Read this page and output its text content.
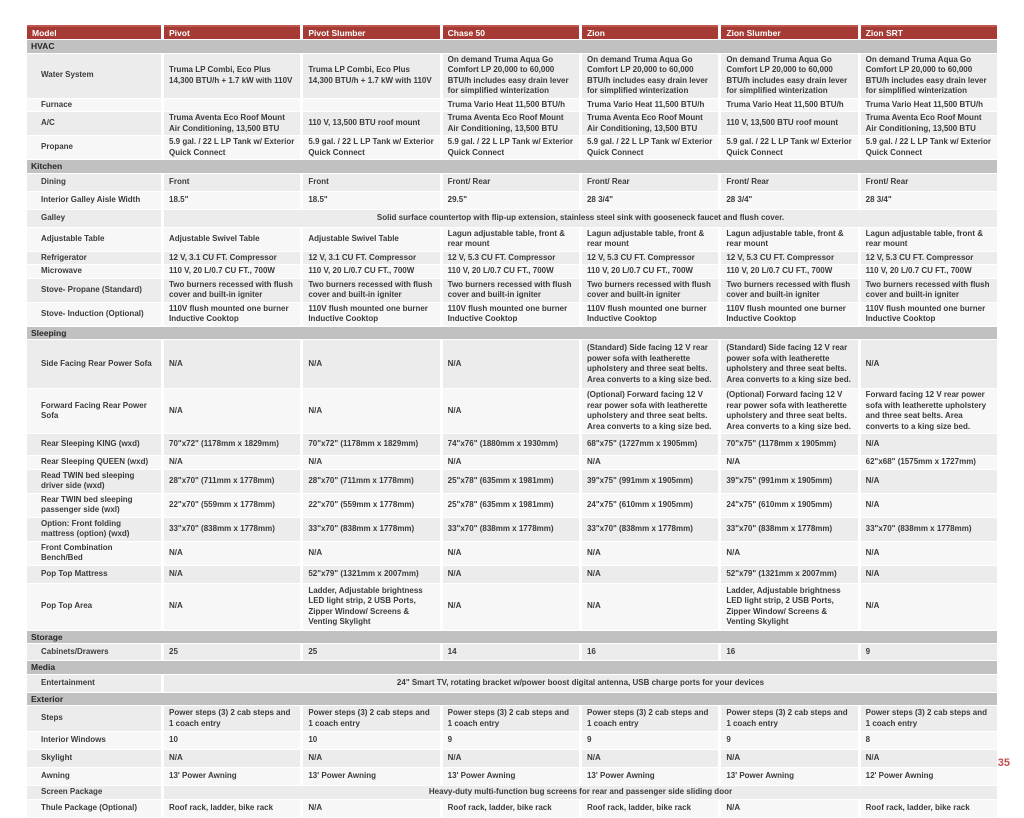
Model	Pivot	Pivot Slumber	Chase 50	Zion	Zion Slumber	Zion SRT
HVAC						
Water System	Truma LP Combi, Eco Plus 14,300 BTU/h + 1.7 kW with 110V	Truma LP Combi, Eco Plus 14,300 BTU/h + 1.7 kW with 110V	On demand Truma Aqua Go Comfort LP 20,000 to 60,000 BTU/h includes easy drain lever for simplified winterization	On demand Truma Aqua Go Comfort LP 20,000 to 60,000 BTU/h includes easy drain lever for simplified winterization	On demand Truma Aqua Go Comfort LP 20,000 to 60,000 BTU/h includes easy drain lever for simplified winterization	On demand Truma Aqua Go Comfort LP 20,000 to 60,000 BTU/h includes easy drain lever for simplified winterization
Furnace			Truma Vario Heat 11,500 BTU/h	Truma Vario Heat 11,500 BTU/h	Truma Vario Heat 11,500 BTU/h	Truma Vario Heat 11,500 BTU/h
A/C	Truma Aventa Eco Roof Mount Air Conditioning, 13,500 BTU	110 V, 13,500 BTU roof mount	Truma Aventa Eco Roof Mount Air Conditioning, 13,500 BTU	Truma Aventa Eco Roof Mount Air Conditioning, 13,500 BTU	110 V, 13,500 BTU roof mount	Truma Aventa Eco Roof Mount Air Conditioning, 13,500 BTU
Propane	5.9 gal. / 22 L LP Tank w/ Exterior Quick Connect	5.9 gal. / 22 L LP Tank w/ Exterior Quick Connect	5.9 gal. / 22 L LP Tank w/ Exterior Quick Connect	5.9 gal. / 22 L LP Tank w/ Exterior Quick Connect	5.9 gal. / 22 L LP Tank w/ Exterior Quick Connect	5.9 gal. / 22 L LP Tank w/ Exterior Quick Connect
Kitchen						
Dining	Front	Front	Front/ Rear	Front/ Rear	Front/ Rear	Front/ Rear
Interior Galley Aisle Width	18.5"	18.5"	29.5"	28 3/4"	28 3/4"	28 3/4"
Galley	Solid surface countertop with flip-up extension, stainless steel sink with gooseneck faucet and flush cover.					
Adjustable Table	Adjustable Swivel Table	Adjustable Swivel Table	Lagun adjustable table, front & rear mount	Lagun adjustable table, front & rear mount	Lagun adjustable table, front & rear mount	Lagun adjustable table, front & rear mount
Refrigerator	12 V, 3.1 CU FT. Compressor	12 V, 3.1 CU FT. Compressor	12 V, 5.3 CU FT. Compressor	12 V, 5.3 CU FT. Compressor	12 V, 5.3 CU FT. Compressor	12 V, 5.3 CU FT. Compressor
Microwave	110 V, 20 L/0.7 CU FT., 700W	110 V, 20 L/0.7 CU FT., 700W	110 V, 20 L/0.7 CU FT., 700W	110 V, 20 L/0.7 CU FT., 700W	110 V, 20 L/0.7 CU FT., 700W	110 V, 20 L/0.7 CU FT., 700W
Stove- Propane (Standard)	Two burners recessed with flush cover and built-in igniter	Two burners recessed with flush cover and built-in igniter	Two burners recessed with flush cover and built-in igniter	Two burners recessed with flush cover and built-in igniter	Two burners recessed with flush cover and built-in igniter	Two burners recessed with flush cover and built-in igniter
Stove- Induction (Optional)	110V flush mounted one burner Inductive Cooktop	110V flush mounted one burner Inductive Cooktop	110V flush mounted one burner Inductive Cooktop	110V flush mounted one burner Inductive Cooktop	110V flush mounted one burner Inductive Cooktop	110V flush mounted one burner Inductive Cooktop
Sleeping						
Side Facing Rear Power Sofa	N/A	N/A	N/A	(Standard) Side facing 12 V rear power sofa with leatherette upholstery and three seat belts. Area converts to a king size bed.	(Standard) Side facing 12 V rear power sofa with leatherette upholstery and three seat belts. Area converts to a king size bed.	N/A
Forward Facing Rear Power Sofa	N/A	N/A	N/A	(Optional) Forward facing 12 V rear power sofa with leatherette upholstery and three seat belts. Area converts to a king size bed.	(Optional) Forward facing 12 V rear power sofa with leatherette upholstery and three seat belts. Area converts to a king size bed.	Forward facing 12 V rear power sofa with leatherette upholstery and three seat belts. Area converts to a king size bed.
Rear Sleeping KING (wxd)	70"x72" (1178mm x 1829mm)	70"x72" (1178mm x 1829mm)	74"x76" (1880mm x 1930mm)	68"x75" (1727mm x 1905mm)	70"x75" (1178mm x 1905mm)	N/A
Rear Sleeping QUEEN (wxd)	N/A	N/A	N/A	N/A	N/A	62"x68" (1575mm x 1727mm)
Read TWIN bed sleeping driver side (wxd)	28"x70" (711mm x 1778mm)	28"x70" (711mm x 1778mm)	25"x78" (635mm x 1981mm)	39"x75" (991mm x 1905mm)	39"x75" (991mm x 1905mm)	N/A
Rear TWIN bed sleeping passenger side (wxl)	22"x70" (559mm x 1778mm)	22"x70" (559mm x 1778mm)	25"x78" (635mm x 1981mm)	24"x75" (610mm x 1905mm)	24"x75" (610mm x 1905mm)	N/A
Option: Front folding mattress (option) (wxd)	33"x70" (838mm x 1778mm)	33"x70" (838mm x 1778mm)	33"x70" (838mm x 1778mm)	33"x70" (838mm x 1778mm)	33"x70" (838mm x 1778mm)	33"x70" (838mm x 1778mm)
Front Combination Bench/Bed	N/A	N/A	N/A	N/A	N/A	N/A
Pop Top Mattress	N/A	52"x79" (1321mm x 2007mm)	N/A	N/A	52"x79" (1321mm x 2007mm)	N/A
Pop Top Area	N/A	Ladder, Adjustable brightness LED light strip, 2 USB Ports, Zipper Window/ Screens & Venting Skylight	N/A	N/A	Ladder, Adjustable brightness LED light strip, 2 USB Ports, Zipper Window/ Screens & Venting Skylight	N/A
Storage						
Cabinets/Drawers	25	25	14	16	16	9
Media						
Entertainment	24" Smart TV, rotating bracket w/power boost digital antenna, USB charge ports for your devices					
Exterior						
Steps	Power steps (3) 2 cab steps and 1 coach entry	Power steps (3) 2 cab steps and 1 coach entry	Power steps (3) 2 cab steps and 1 coach entry	Power steps (3) 2 cab steps and 1 coach entry	Power steps (3) 2 cab steps and 1 coach entry	Power steps (3) 2 cab steps and 1 coach entry
Interior Windows	10	10	9	9	9	8
Skylight	N/A	N/A	N/A	N/A	N/A	N/A
Awning	13' Power Awning	13' Power Awning	13' Power Awning	13' Power Awning	13' Power Awning	12' Power Awning
Screen Package	Heavy-duty multi-function bug screens for rear and passenger side sliding door					
Thule Package (Optional)	Roof rack, ladder, bike rack	N/A	Roof rack, ladder, bike rack	Roof rack, ladder, bike rack	N/A	Roof rack, ladder, bike rack
35
